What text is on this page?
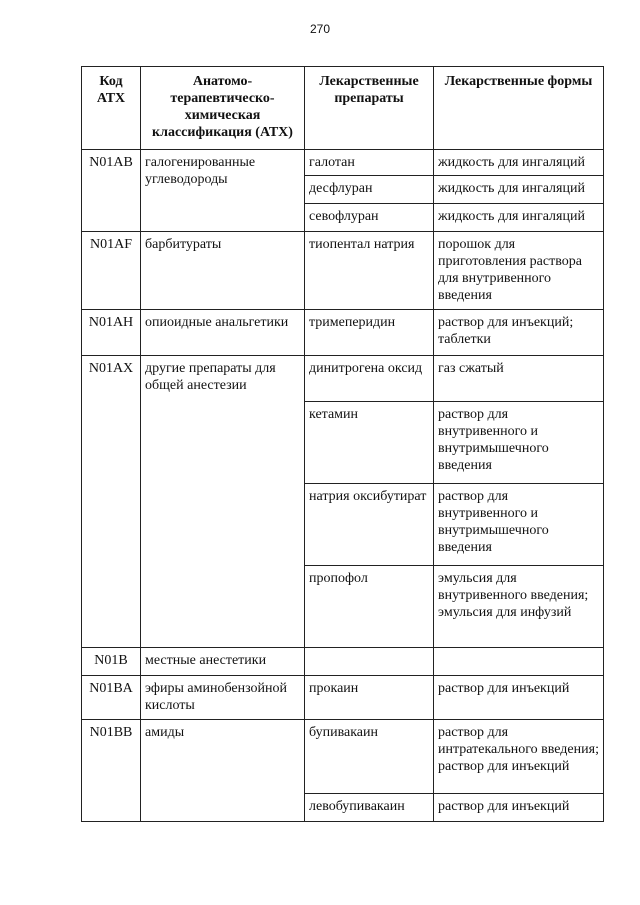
270
Код АТХ	Анатомо-терапевтическо-химическая классификация (АТХ)	Лекарственные препараты	Лекарственные формы
N01AB	галогенированные углеводороды	галотан	жидкость для ингаляций
		десфлуран	жидкость для ингаляций
		севофлуран	жидкость для ингаляций
N01AF	барбитураты	тиопентал натрия	порошок для приготовления раствора для внутривенного введения
N01AH	опиоидные анальгетики	тримеперидин	раствор для инъекций; таблетки
N01AX	другие препараты для общей анестезии	динитрогена оксид	газ сжатый
		кетамин	раствор для внутривенного и внутримышечного введения
		натрия оксибутират	раствор для внутривенного и внутримышечного введения
		пропофол	эмульсия для внутривенного введения; эмульсия для инфузий
N01B	местные анестетики		
N01BA	эфиры аминобензойной кислоты	прокаин	раствор для инъекций
N01BB	амиды	бупивакаин	раствор для интратекального введения; раствор для инъекций
		левобупивакаин	раствор для инъекций
